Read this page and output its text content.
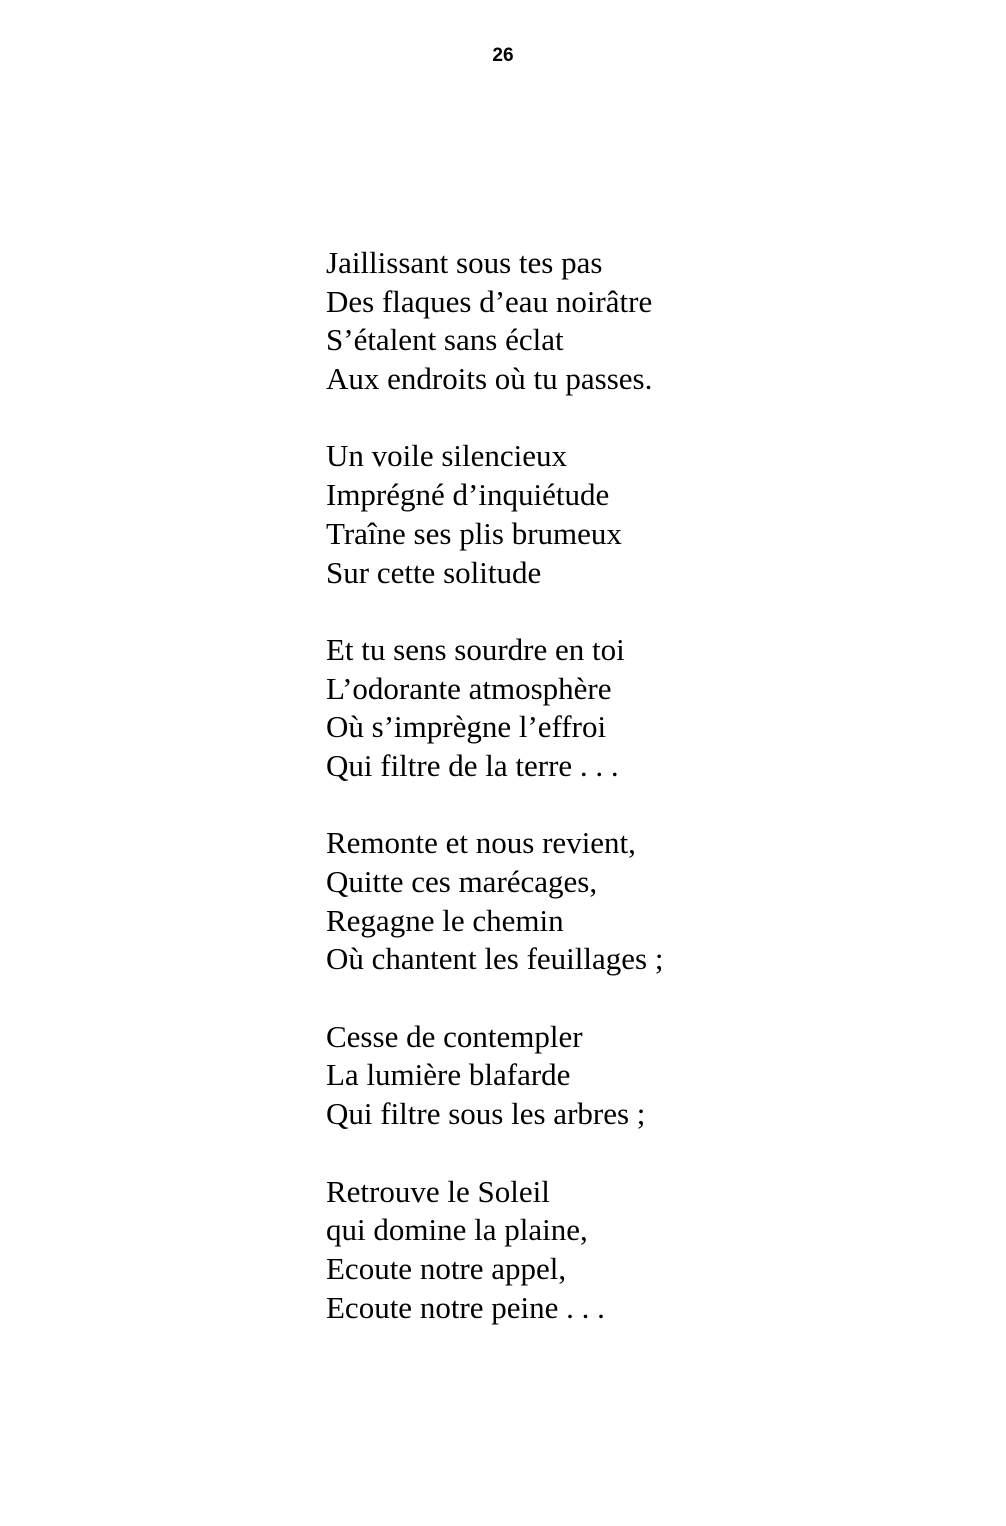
26
Jaillissant sous tes pas
Des flaques d’eau noirâtre
S’étalent sans éclat
Aux endroits où tu passes.
Un voile silencieux
Imprégné d’inquiétude
Traîne ses plis brumeux
Sur cette solitude
Et tu sens sourdre en toi
L’odorante atmosphère
Où s’imprègne l’effroi
Qui filtre de la terre . . .
Remonte et nous revient,
Quitte ces marécages,
Regagne le chemin
Où chantent les feuillages ;
Cesse de contempler
La lumière blafarde
Qui filtre sous les arbres ;
Retrouve le Soleil
qui domine la plaine,
Ecoute notre appel,
Ecoute notre peine . . .
